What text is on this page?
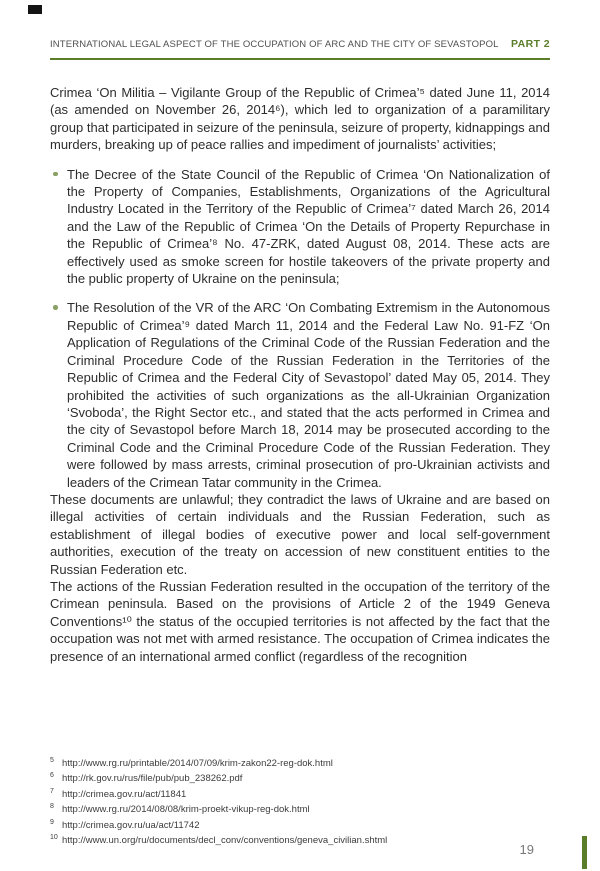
INTERNATIONAL LEGAL ASPECT OF THE OCCUPATION OF ARC AND THE CITY OF SEVASTOPOL PART 2

Crimea ‘On Militia – Vigilante Group of the Republic of Crimea’⁵ dated June 11, 2014 (as amended on November 26, 2014⁶), which led to organization of a paramilitary group that participated in seizure of the peninsula, seizure of property, kidnappings and murders, breaking up of peace rallies and impediment of journalists’ activities;

The Decree of the State Council of the Republic of Crimea ‘On Nationalization of the Property of Companies, Establishments, Organizations of the Agricultural Industry Located in the Territory of the Republic of Crimea’⁷ dated March 26, 2014 and the Law of the Republic of Crimea ‘On the Details of Property Repurchase in the Republic of Crimea’⁸ No. 47-ZRK, dated August 08, 2014. These acts are effectively used as smoke screen for hostile takeovers of the private property and the public property of Ukraine on the peninsula;

The Resolution of the VR of the ARC ‘On Combating Extremism in the Autonomous Republic of Crimea’⁹ dated March 11, 2014 and the Federal Law No. 91-FZ ‘On Application of Regulations of the Criminal Code of the Russian Federation and the Criminal Procedure Code of the Russian Federation in the Territories of the Republic of Crimea and the Federal City of Sevastopol’ dated May 05, 2014. They prohibited the activities of such organizations as the all-Ukrainian Organization ‘Svoboda’, the Right Sector etc., and stated that the acts performed in Crimea and the city of Sevastopol before March 18, 2014 may be prosecuted according to the Criminal Code and the Criminal Procedure Code of the Russian Federation. They were followed by mass arrests, criminal prosecution of pro-Ukrainian activists and leaders of the Crimean Tatar community in the Crimea.

These documents are unlawful; they contradict the laws of Ukraine and are based on illegal activities of certain individuals and the Russian Federation, such as establishment of illegal bodies of executive power and local self-government authorities, execution of the treaty on accession of new constituent entities to the Russian Federation etc.

The actions of the Russian Federation resulted in the occupation of the territory of the Crimean peninsula. Based on the provisions of Article 2 of the 1949 Geneva Conventions¹⁰ the status of the occupied territories is not affected by the fact that the occupation was not met with armed resistance. The occupation of Crimea indicates the presence of an international armed conflict (regardless of the recognition

5 http://www.rg.ru/printable/2014/07/09/krim-zakon22-reg-dok.html
6 http://rk.gov.ru/rus/file/pub/pub_238262.pdf
7 http://crimea.gov.ru/act/11841
8 http://www.rg.ru/2014/08/08/krim-proekt-vikup-reg-dok.html
9 http://crimea.gov.ru/ua/act/11742
10 http://www.un.org/ru/documents/decl_conv/conventions/geneva_civilian.shtml
19
